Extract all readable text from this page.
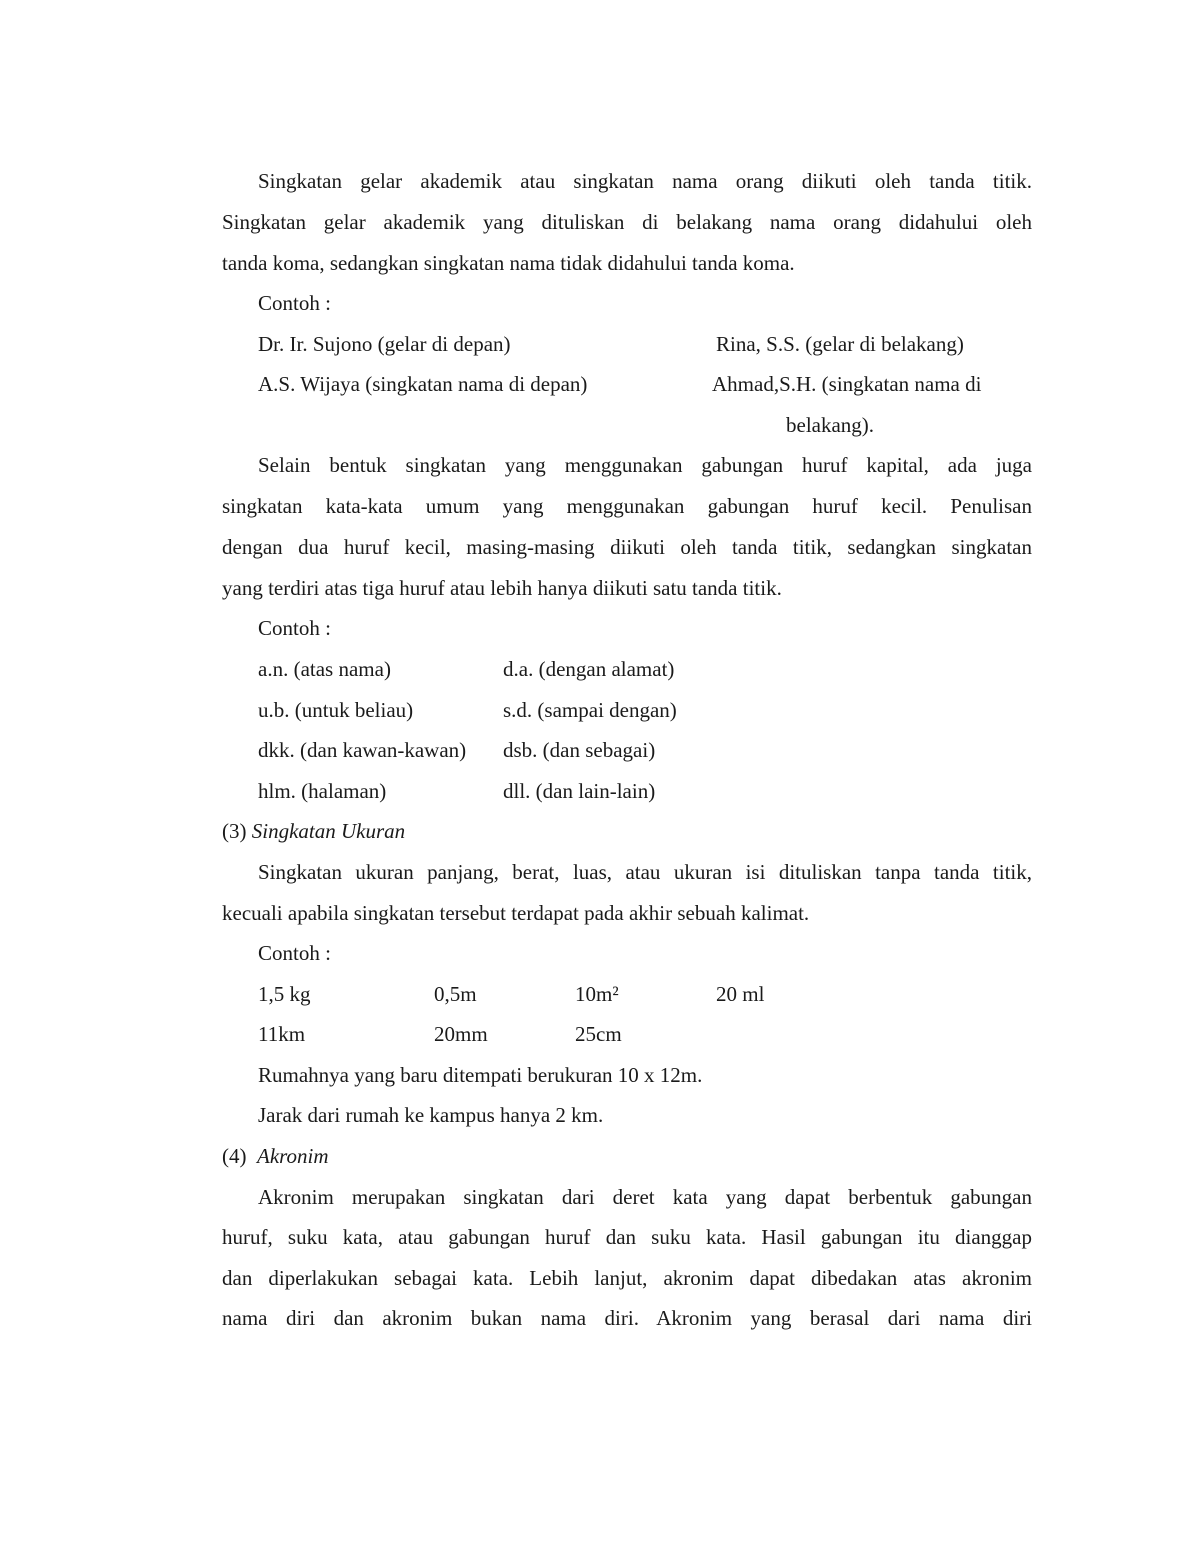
Singkatan gelar akademik atau singkatan nama orang diikuti oleh tanda titik.
Singkatan gelar akademik yang dituliskan di belakang nama orang didahului oleh
tanda koma, sedangkan singkatan nama tidak didahului tanda koma.
Contoh :
Dr. Ir. Sujono (gelar di depan)	Rina, S.S. (gelar di belakang)
A.S. Wijaya (singkatan nama di depan)	Ahmad,S.H. (singkatan nama di
belakang).
Selain bentuk singkatan yang menggunakan gabungan huruf kapital, ada juga
singkatan kata-kata umum yang menggunakan gabungan huruf kecil. Penulisan
dengan dua huruf kecil, masing-masing diikuti oleh tanda titik, sedangkan singkatan
yang terdiri atas tiga huruf atau lebih hanya diikuti satu tanda titik.
Contoh :
a.n. (atas nama)	d.a. (dengan alamat)
u.b. (untuk beliau)	s.d. (sampai dengan)
dkk. (dan kawan-kawan) dsb. (dan sebagai)
hlm. (halaman)	dll. (dan lain-lain)
(3) Singkatan Ukuran
Singkatan ukuran panjang, berat, luas, atau ukuran isi dituliskan tanpa tanda titik,
kecuali apabila singkatan tersebut terdapat pada akhir sebuah kalimat.
Contoh :
1,5 kg	0,5m	10m²	20 ml
11km	20mm	25cm
Rumahnya yang baru ditempati berukuran 10 x 12m.
Jarak dari rumah ke kampus hanya 2 km.
(4) Akronim
Akronim merupakan singkatan dari deret kata yang dapat berbentuk gabungan
huruf, suku kata, atau gabungan huruf dan suku kata. Hasil gabungan itu dianggap
dan diperlakukan sebagai kata. Lebih lanjut, akronim dapat dibedakan atas akronim
nama diri dan akronim bukan nama diri. Akronim yang berasal dari nama diri
